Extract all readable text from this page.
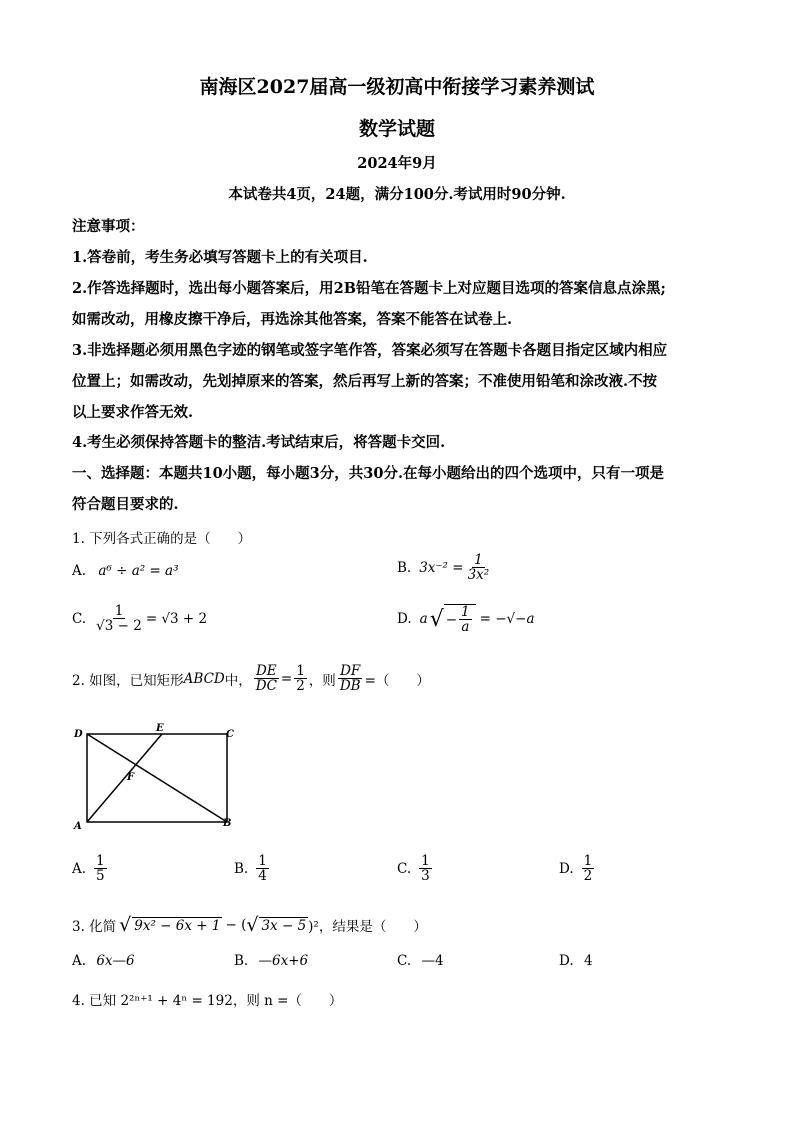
南海区2027届高一级初高中衔接学习素养测试
数学试题
2024年9月
本试卷共4页，24题，满分100分.考试用时90分钟.
注意事项：
1.答卷前，考生务必填写答题卡上的有关项目.
2.作答选择题时，选出每小题答案后，用2B铅笔在答题卡上对应题目选项的答案信息点涂黑;
如需改动，用橡皮擦干净后，再选涂其他答案，答案不能答在试卷上.
3.非选择题必须用黑色字迹的钢笔或签字笔作答，答案必须写在答题卡各题目指定区域内相应
位置上；如需改动，先划掉原来的答案，然后再写上新的答案；不准使用铅笔和涂改液.不按
以上要求作答无效.
4.考生必须保持答题卡的整洁.考试结束后，将答题卡交回.
一、选择题：本题共10小题，每小题3分，共30分.在每小题给出的四个选项中，只有一项是
符合题目要求的.
1. 下列各式正确的是（　　）
A. a⁶ ÷ a² = a³	B. $3x^{-2} = \frac{1}{\text{3x²}}$
C. $\frac{1}{√3 - 2} = √3 + 2$	D. a √ − $\frac{1}{a} = -√-a$
2. 如图，已知矩形 ABCD 中， $\frac{DE}{DC} = \frac{1}{2}$ ，则 $\frac{DF}{DB}$ =（　　）
D
E
C
F
A	B
A. $\frac{1}{5}$	B. $\frac{1}{4}$	C. $\frac{1}{3}$	D. $\frac{1}{2}$
3. 化简 √ 9x² − 6x + 1 − ( √ 3x − 5 )²，结果是（　　）
A. 6x—6	B. —6x+6	C. —4	D. 4
4. 已知 2²ⁿ⁺¹ + 4ⁿ = 192，则 n =（　　）
